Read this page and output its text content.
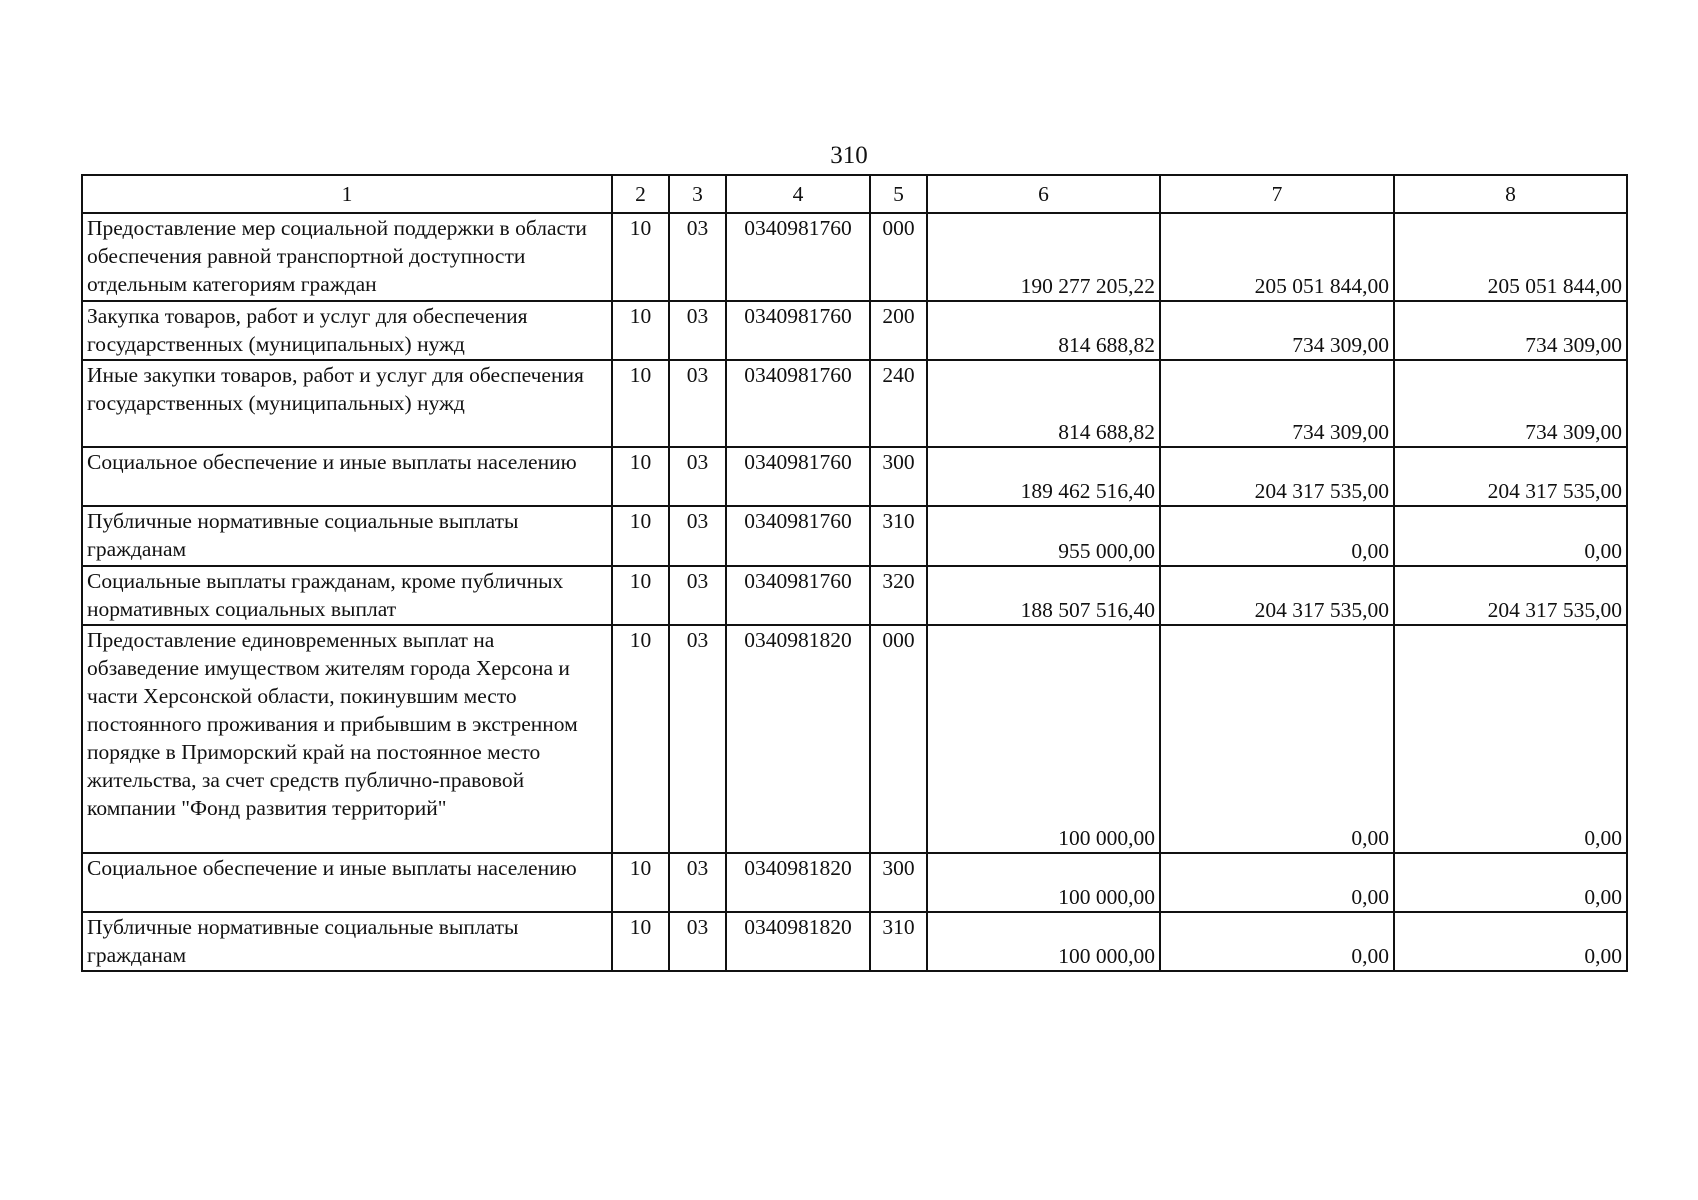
310
1	2	3	4	5	6	7	8
Предоставление мер социальной поддержки в области обеспечения равной транспортной доступности отдельным категориям граждан	10	03	0340981760	000	190 277 205,22	205 051 844,00	205 051 844,00
Закупка товаров, работ и услуг для обеспечения государственных (муниципальных) нужд	10	03	0340981760	200	814 688,82	734 309,00	734 309,00
Иные закупки товаров, работ и услуг для обеспечения государственных (муниципальных) нужд	10	03	0340981760	240	814 688,82	734 309,00	734 309,00
Социальное обеспечение и иные выплаты населению	10	03	0340981760	300	189 462 516,40	204 317 535,00	204 317 535,00
Публичные нормативные социальные выплаты гражданам	10	03	0340981760	310	955 000,00	0,00	0,00
Социальные выплаты гражданам, кроме публичных нормативных социальных выплат	10	03	0340981760	320	188 507 516,40	204 317 535,00	204 317 535,00
Предоставление единовременных выплат на обзаведение имуществом жителям города Херсона и части Херсонской области, покинувшим место постоянного проживания и прибывшим в экстренном порядке в Приморский край на постоянное место жительства, за счет средств публично-правовой компании "Фонд развития территорий"	10	03	0340981820	000	100 000,00	0,00	0,00
Социальное обеспечение и иные выплаты населению	10	03	0340981820	300	100 000,00	0,00	0,00
Публичные нормативные социальные выплаты гражданам	10	03	0340981820	310	100 000,00	0,00	0,00
